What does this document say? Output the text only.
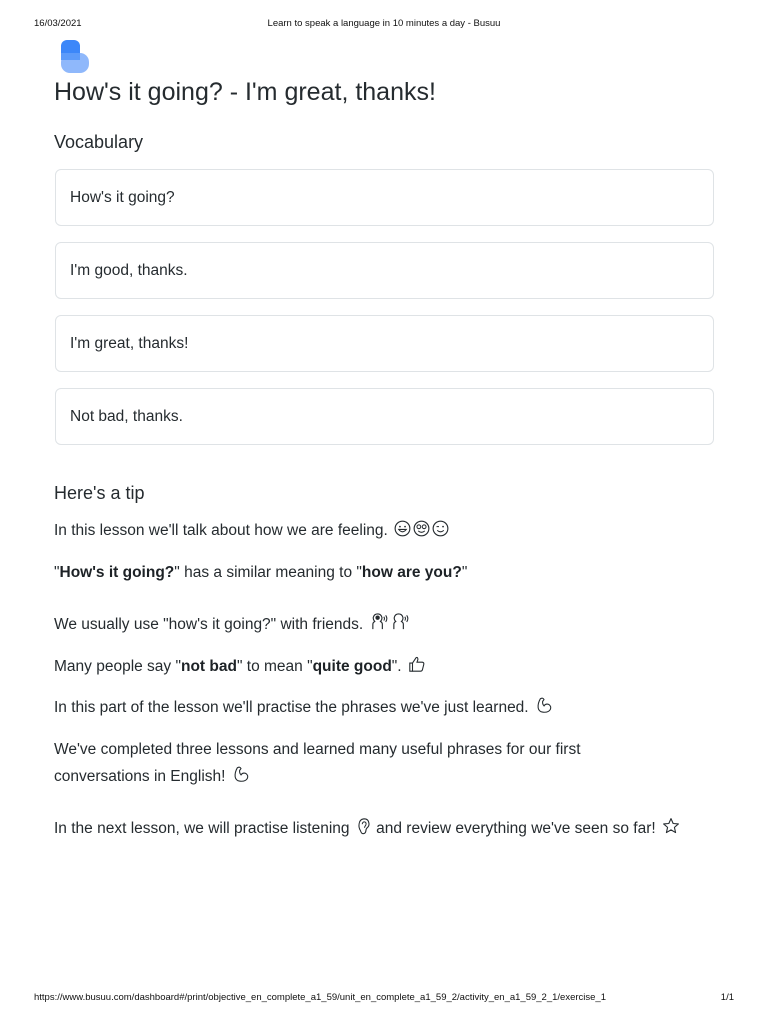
16/03/2021	Learn to speak a language in 10 minutes a day - Busuu
How's it going? - I'm great, thanks!
Vocabulary
How's it going?
I'm good, thanks.
I'm great, thanks!
Not bad, thanks.
Here's a tip

In this lesson we'll talk about how we are feeling.

"How's it going?" has a similar meaning to "how are you?"

We usually use "how's it going?" with friends.

Many people say "not bad" to mean "quite good".

In this part of the lesson we'll practise the phrases we've just learned.

We've completed three lessons and learned many useful phrases for our first conversations in English!

In the next lesson, we will practise listening and review everything we've seen so far!

https://www.busuu.com/dashboard#/print/objective_en_complete_a1_59/unit_en_complete_a1_59_2/activity_en_a1_59_2_1/exercise_1	1/1
